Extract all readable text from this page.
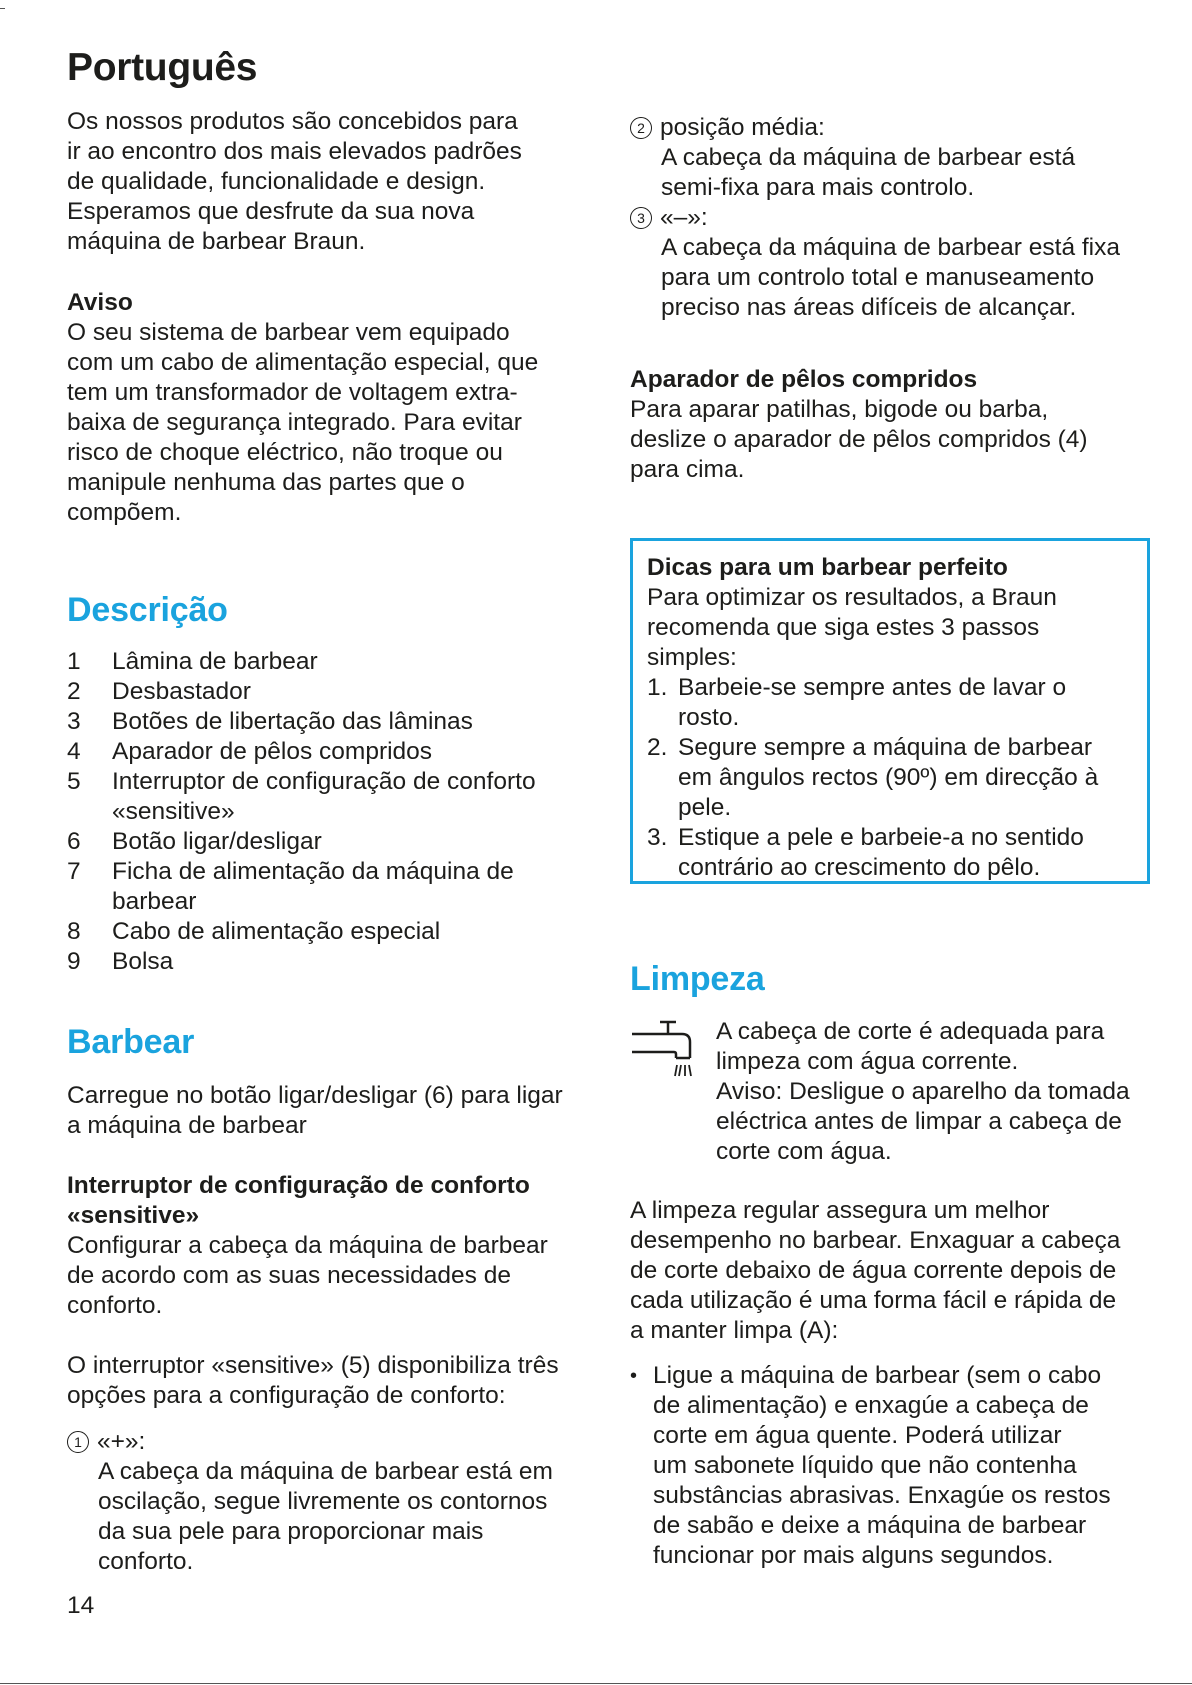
Português

Os nossos produtos são concebidos para

ir ao encontro dos mais elevados padrões

de qualidade, funcionalidade e design.

Esperamos que desfrute da sua nova

máquina de barbear Braun.

Aviso

O seu sistema de barbear vem equipado

com um cabo de alimentação especial, que

tem um transformador de voltagem extra-

baixa de segurança integrado. Para evitar

risco de choque eléctrico, não troque ou

manipule nenhuma das partes que o

compõem.

Descrição
1	Lâmina de barbear
2	Desbastador
3	Botões de libertação das lâminas
4	Aparador de pêlos compridos
5	Interruptor de configuração de conforto
«sensitive»
6	Botão ligar/desligar
7	Ficha de alimentação da máquina de
barbear
8	Cabo de alimentação especial
9	Bolsa
Barbear

Carregue no botão ligar/desligar (6) para ligar

a máquina de barbear

Interruptor de configuração de conforto

«sensitive»

Configurar a cabeça da máquina de barbear

de acordo com as suas necessidades de

conforto.

O interruptor «sensitive» (5) disponibiliza três

opções para a configuração de conforto:

1 «+»:

A cabeça da máquina de barbear está em

oscilação, segue livremente os contornos

da sua pele para proporcionar mais

conforto.

14

2 posição média:

A cabeça da máquina de barbear está

semi-fixa para mais controlo.

3 «–»:

A cabeça da máquina de barbear está fixa

para um controlo total e manuseamento

preciso nas áreas difíceis de alcançar.

Aparador de pêlos compridos

Para aparar patilhas, bigode ou barba,

deslize o aparador de pêlos compridos (4)

para cima.

Dicas para um barbear perfeito

Para optimizar os resultados, a Braun

recomenda que siga estes 3 passos

simples:

1. Barbeie-se sempre antes de lavar o
rosto.
2. Segure sempre a máquina de barbear
em ângulos rectos (90º) em direcção à
pele.
3. Estique a pele e barbeie-a no sentido
contrário ao crescimento do pêlo.
Limpeza

A cabeça de corte é adequada para

limpeza com água corrente.

Aviso: Desligue o aparelho da tomada

eléctrica antes de limpar a cabeça de

corte com água.

A limpeza regular assegura um melhor

desempenho no barbear. Enxaguar a cabeça

de corte debaixo de água corrente depois de

cada utilização é uma forma fácil e rápida de

a manter limpa (A):

• Ligue a máquina de barbear (sem o cabo
de alimentação) e enxagúe a cabeça de
corte em água quente. Poderá utilizar
um sabonete líquido que não contenha
substâncias abrasivas. Enxagúe os restos
de sabão e deixe a máquina de barbear
funcionar por mais alguns segundos.
